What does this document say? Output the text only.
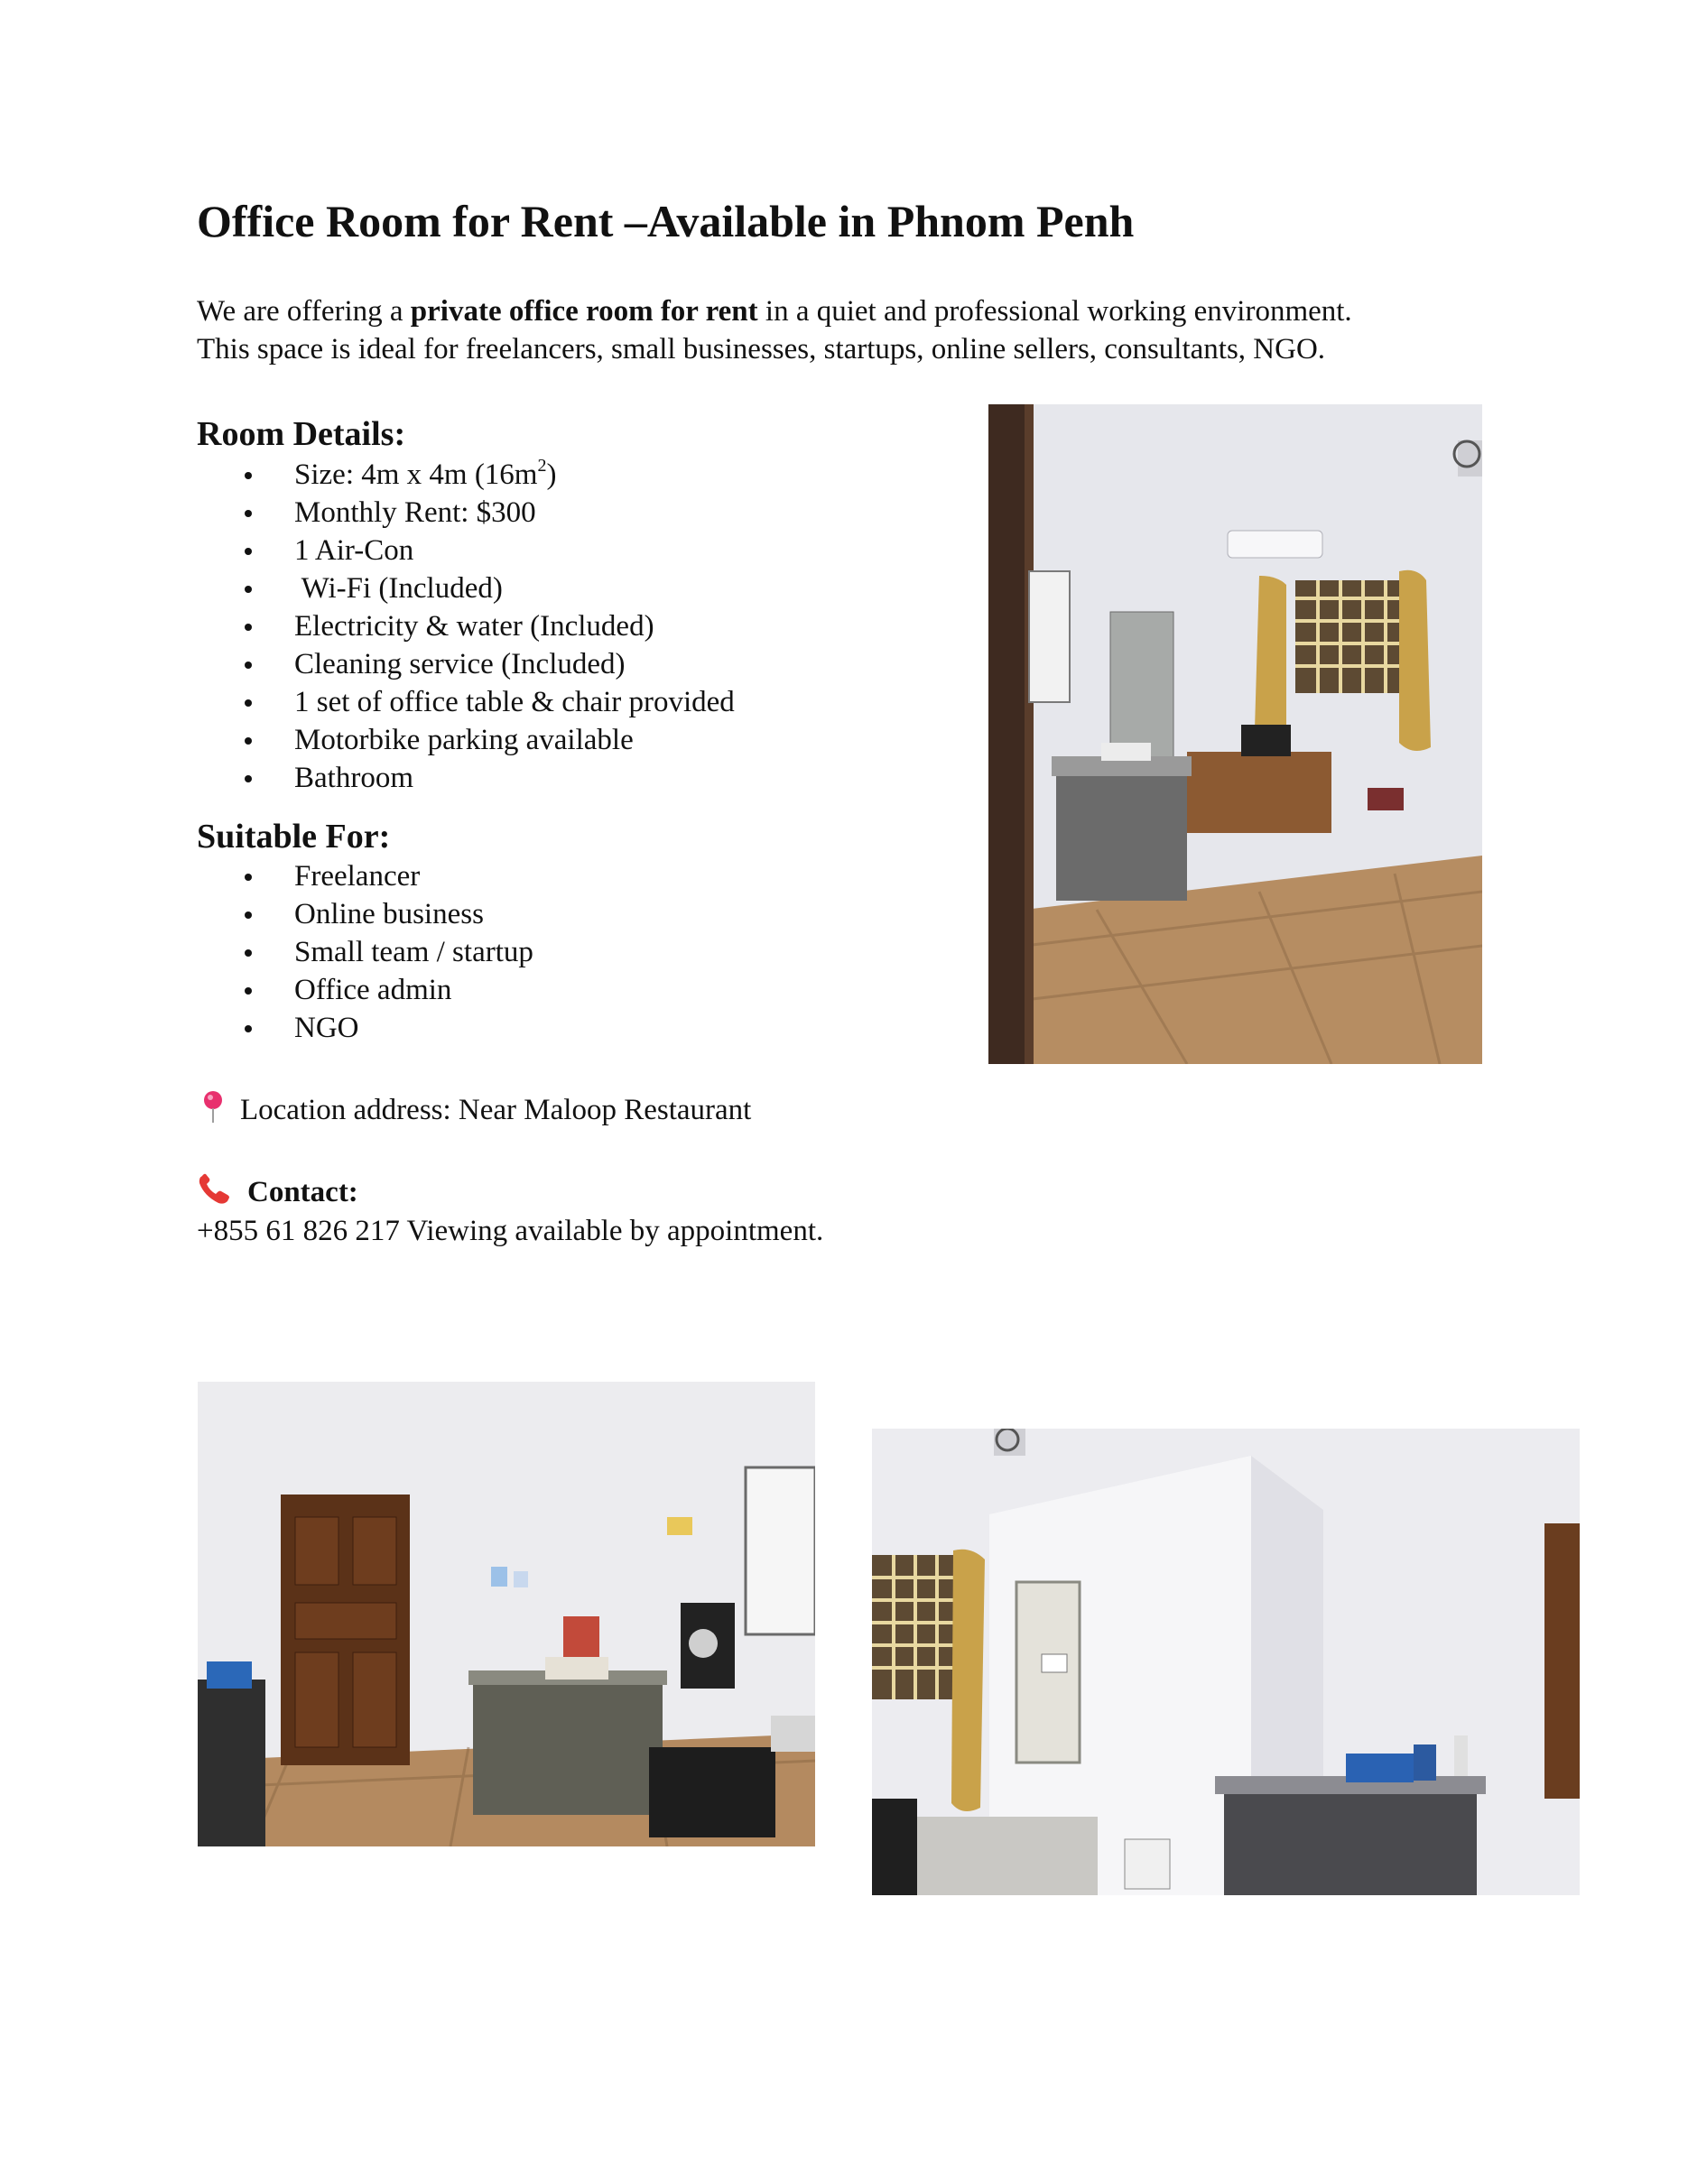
Office Room for Rent –Available in Phnom Penh

We are offering a private office room for rent in a quiet and professional working environment.
This space is ideal for freelancers, small businesses, startups, online sellers, consultants, NGO.

Room Details:
Size: 4m x 4m $(16m^2)$
Monthly Rent: $300
1 Air-Con
Wi-Fi (Included)
Electricity & water (Included)
Cleaning service (Included)
1 set of office table & chair provided
Motorbike parking available
Bathroom
Suitable For:
Freelancer
Online business
Small team / startup
Office admin
NGO
Location address: Near Maloop Restaurant
Contact:
+855 61 826 217 Viewing available by appointment.
